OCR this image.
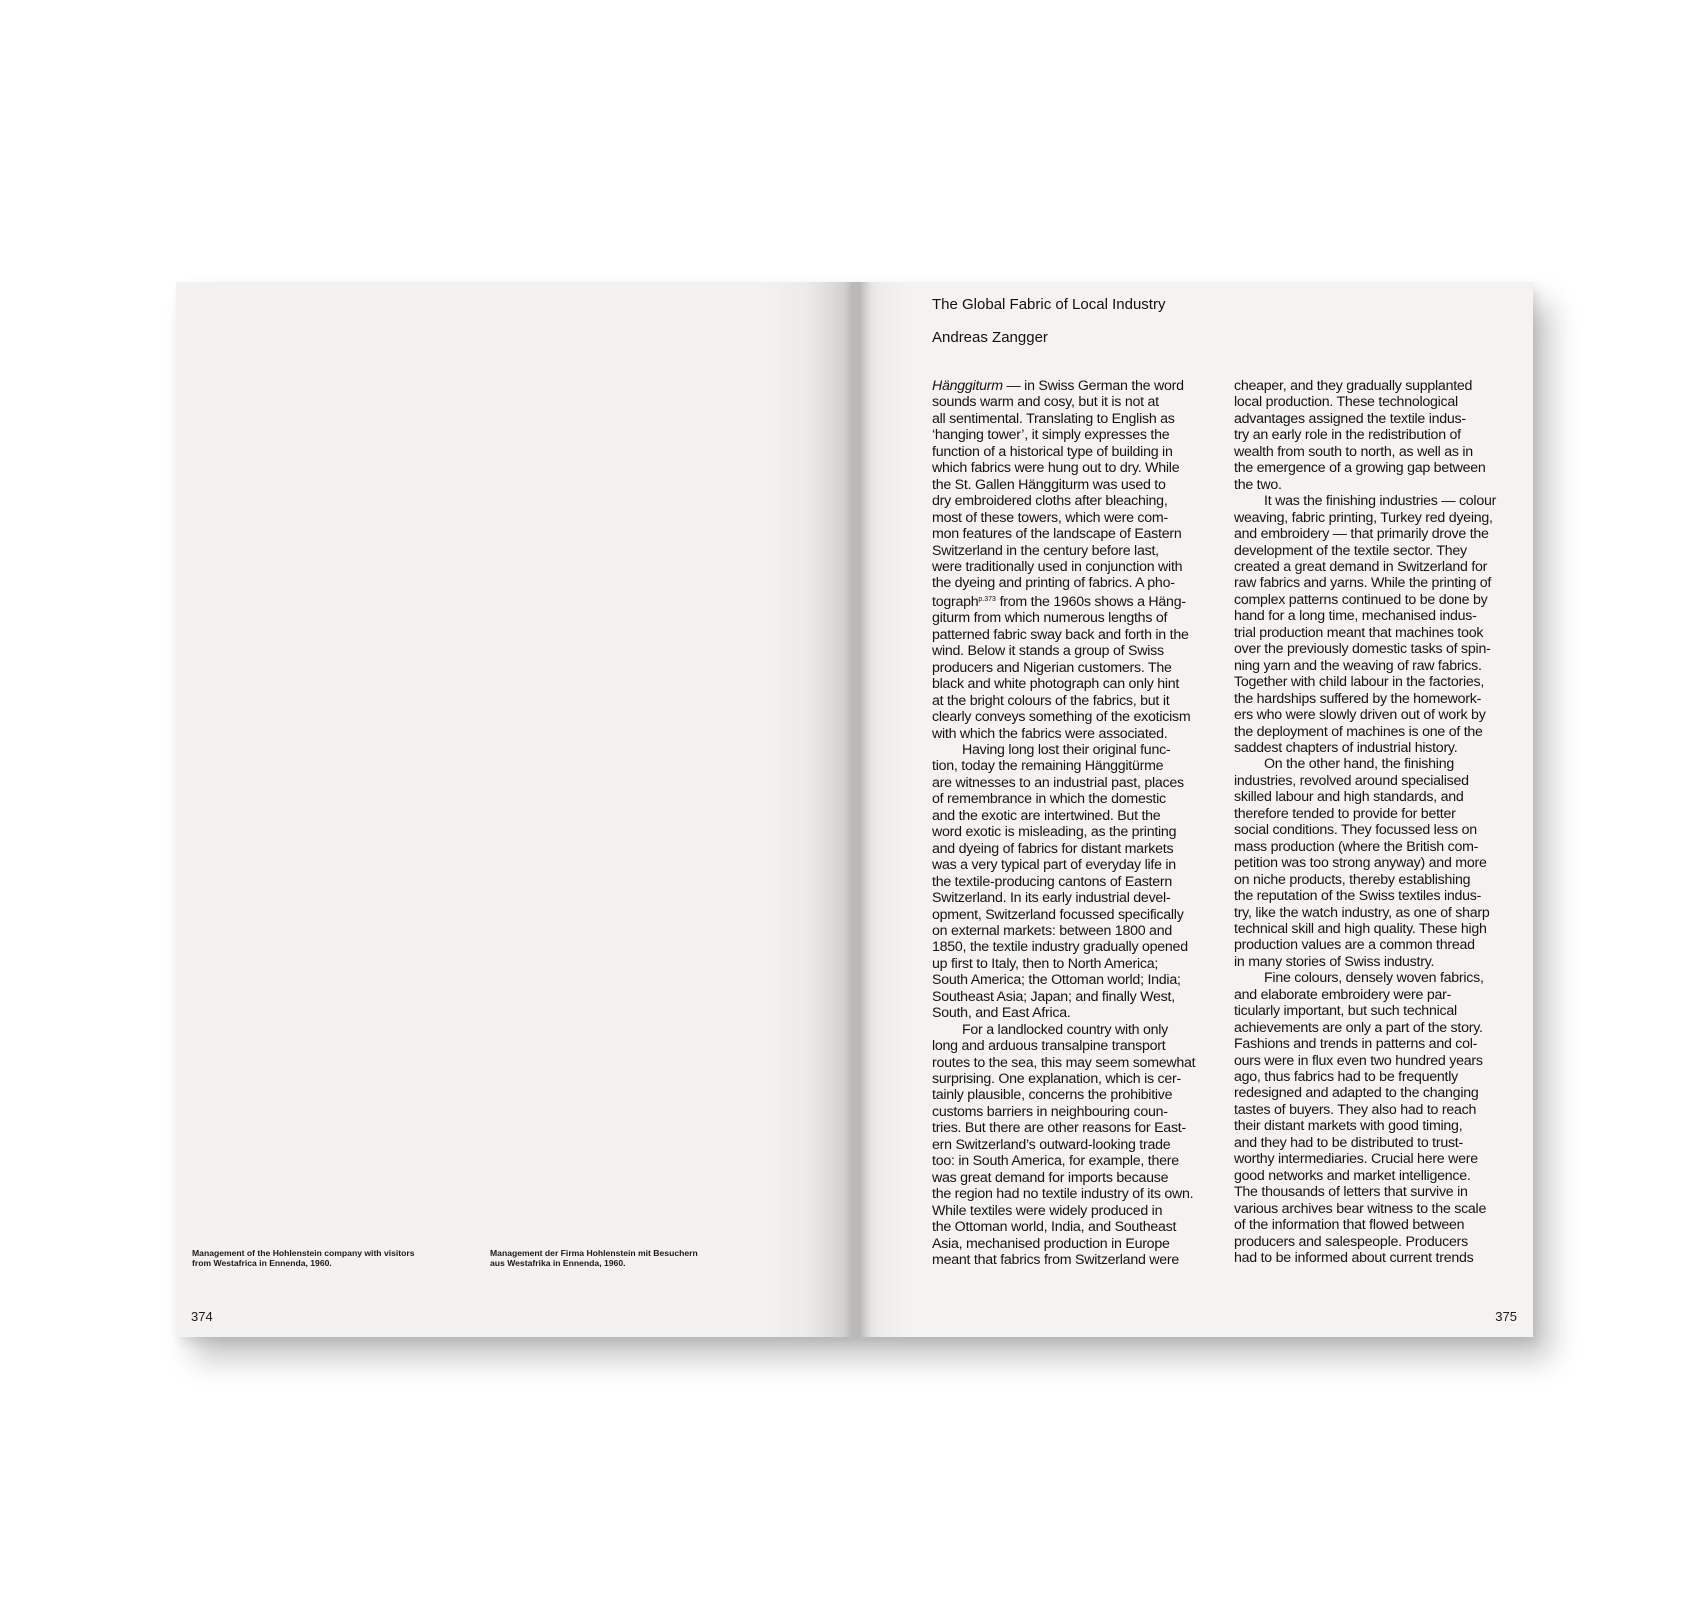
Management of the Hohlenstein company with visitors
from Westafrica in Ennenda, 1960.
Management der Firma Hohlenstein mit Besuchern
aus Westafrika in Ennenda, 1960.
374	375
The Global Fabric of Local Industry
Andreas Zangger
Hänggiturm — in Swiss German the word
sounds warm and cosy, but it is not at
all sentimental. Translating to English as
‘hanging tower’, it simply expresses the
function of a historical type of building in
which fabrics were hung out to dry. While
the St. Gallen Hänggiturm was used to
dry embroidered cloths after bleaching,
most of these towers, which were com-
mon features of the landscape of Eastern
Switzerland in the century before last,
were traditionally used in conjunction with
the dyeing and printing of fabrics. A pho-
tograph$^{p.373}$ from the 1960s shows a Häng-
giturm from which numerous lengths of
patterned fabric sway back and forth in the
wind. Below it stands a group of Swiss
producers and Nigerian customers. The
black and white photograph can only hint
at the bright colours of the fabrics, but it
clearly conveys something of the exoticism
with which the fabrics were associated.
Having long lost their original func-
tion, today the remaining Hänggitürme
are witnesses to an industrial past, places
of remembrance in which the domestic
and the exotic are intertwined. But the
word exotic is misleading, as the printing
and dyeing of fabrics for distant markets
was a very typical part of everyday life in
the textile-producing cantons of Eastern
Switzerland. In its early industrial devel-
opment, Switzerland focussed specifically
on external markets: between 1800 and
1850, the textile industry gradually opened
up first to Italy, then to North America;
South America; the Ottoman world; India;
Southeast Asia; Japan; and finally West,
South, and East Africa.
For a landlocked country with only
long and arduous transalpine transport
routes to the sea, this may seem somewhat
surprising. One explanation, which is cer-
tainly plausible, concerns the prohibitive
customs barriers in neighbouring coun-
tries. But there are other reasons for East-
ern Switzerland’s outward-looking trade
too: in South America, for example, there
was great demand for imports because
the region had no textile industry of its own.
While textiles were widely produced in
the Ottoman world, India, and Southeast
Asia, mechanised production in Europe
meant that fabrics from Switzerland were
cheaper, and they gradually supplanted
local production. These technological
advantages assigned the textile indus-
try an early role in the redistribution of
wealth from south to north, as well as in
the emergence of a growing gap between
the two.
It was the finishing industries — colour
weaving, fabric printing, Turkey red dyeing,
and embroidery — that primarily drove the
development of the textile sector. They
created a great demand in Switzerland for
raw fabrics and yarns. While the printing of
complex patterns continued to be done by
hand for a long time, mechanised indus-
trial production meant that machines took
over the previously domestic tasks of spin-
ning yarn and the weaving of raw fabrics.
Together with child labour in the factories,
the hardships suffered by the homework-
ers who were slowly driven out of work by
the deployment of machines is one of the
saddest chapters of industrial history.
On the other hand, the finishing
industries, revolved around specialised
skilled labour and high standards, and
therefore tended to provide for better
social conditions. They focussed less on
mass production (where the British com-
petition was too strong anyway) and more
on niche products, thereby establishing
the reputation of the Swiss textiles indus-
try, like the watch industry, as one of sharp
technical skill and high quality. These high
production values are a common thread
in many stories of Swiss industry.
Fine colours, densely woven fabrics,
and elaborate embroidery were par-
ticularly important, but such technical
achievements are only a part of the story.
Fashions and trends in patterns and col-
ours were in flux even two hundred years
ago, thus fabrics had to be frequently
redesigned and adapted to the changing
tastes of buyers. They also had to reach
their distant markets with good timing,
and they had to be distributed to trust-
worthy intermediaries. Crucial here were
good networks and market intelligence.
The thousands of letters that survive in
various archives bear witness to the scale
of the information that flowed between
producers and salespeople. Producers
had to be informed about current trends
